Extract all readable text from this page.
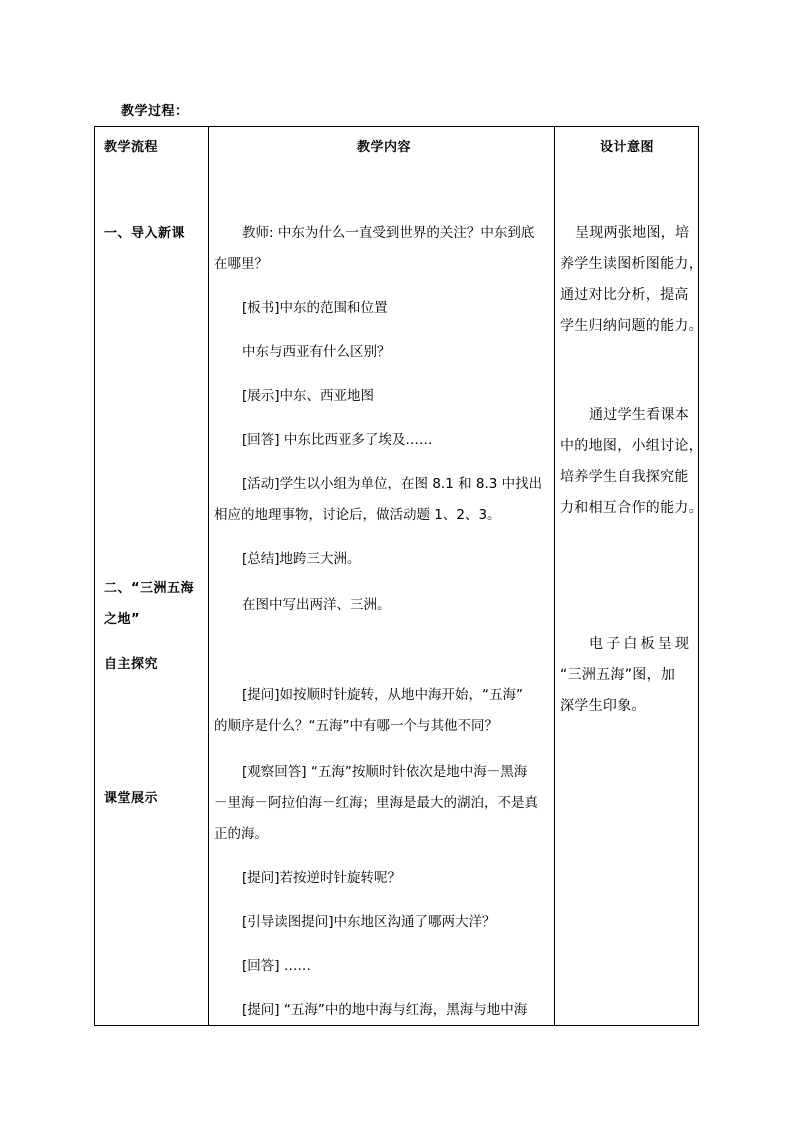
教学过程：
教学流程	教学内容	设计意图
一、导入新课
二、“三洲五海
之地”
自主探究
课堂展示
教师: 中东为什么一直受到世界的关注？中东到底
在哪里？
[板书]中东的范围和位置
中东与西亚有什么区别？
[展示]中东、西亚地图
[回答] 中东比西亚多了埃及……
[活动]学生以小组为单位，在图 8.1 和 8.3 中找出
相应的地理事物，讨论后，做活动题 1、2、3。
[总结]地跨三大洲。
在图中写出两洋、三洲。
[提问]如按顺时针旋转，从地中海开始，“五海”
的顺序是什么？“五海”中有哪一个与其他不同？
[观察回答] “五海”按顺时针依次是地中海－黑海
－里海－阿拉伯海－红海；里海是最大的湖泊，不是真
正的海。
[提问]若按逆时针旋转呢？
[引导读图提问]中东地区沟通了哪两大洋？
[回答] ……
[提问] “五海”中的地中海与红海，黑海与地中海
呈现两张地图，培
养学生读图析图能力，
通过对比分析，提高
学生归纳问题的能力。
通过学生看课本
中的地图，小组讨论，
培养学生自我探究能
力和相互合作的能力。
电子白板呈现
“三洲五海”图，加
深学生印象。
